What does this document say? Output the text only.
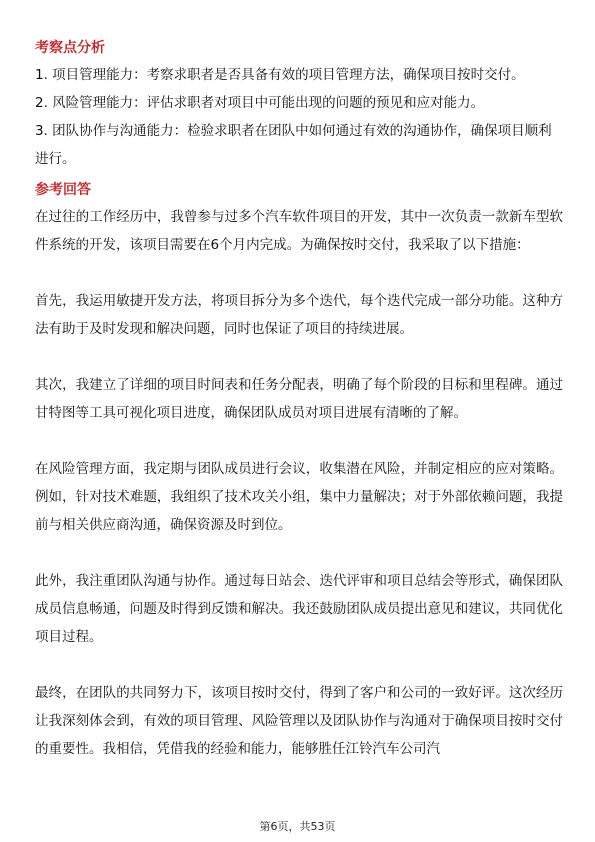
考察点分析
1. 项目管理能力：考察求职者是否具备有效的项目管理方法，确保项目按时交付。
2. 风险管理能力：评估求职者对项目中可能出现的问题的预见和应对能力。
3. 团队协作与沟通能力：检验求职者在团队中如何通过有效的沟通协作，确保项目顺利进行。
参考回答

在过往的工作经历中，我曾参与过多个汽车软件项目的开发，其中一次负责一款新车型软件系统的开发，该项目需要在6个月内完成。为确保按时交付，我采取了以下措施：

首先，我运用敏捷开发方法，将项目拆分为多个迭代，每个迭代完成一部分功能。这种方法有助于及时发现和解决问题，同时也保证了项目的持续进展。

其次，我建立了详细的项目时间表和任务分配表，明确了每个阶段的目标和里程碑。通过甘特图等工具可视化项目进度，确保团队成员对项目进展有清晰的了解。

在风险管理方面，我定期与团队成员进行会议，收集潜在风险，并制定相应的应对策略。例如，针对技术难题，我组织了技术攻关小组，集中力量解决；对于外部依赖问题，我提前与相关供应商沟通，确保资源及时到位。

此外，我注重团队沟通与协作。通过每日站会、迭代评审和项目总结会等形式，确保团队成员信息畅通，问题及时得到反馈和解决。我还鼓励团队成员提出意见和建议，共同优化项目过程。

最终，在团队的共同努力下，该项目按时交付，得到了客户和公司的一致好评。这次经历让我深刻体会到，有效的项目管理、风险管理以及团队协作与沟通对于确保项目按时交付的重要性。我相信，凭借我的经验和能力，能够胜任江铃汽车公司汽

第6页，共53页
